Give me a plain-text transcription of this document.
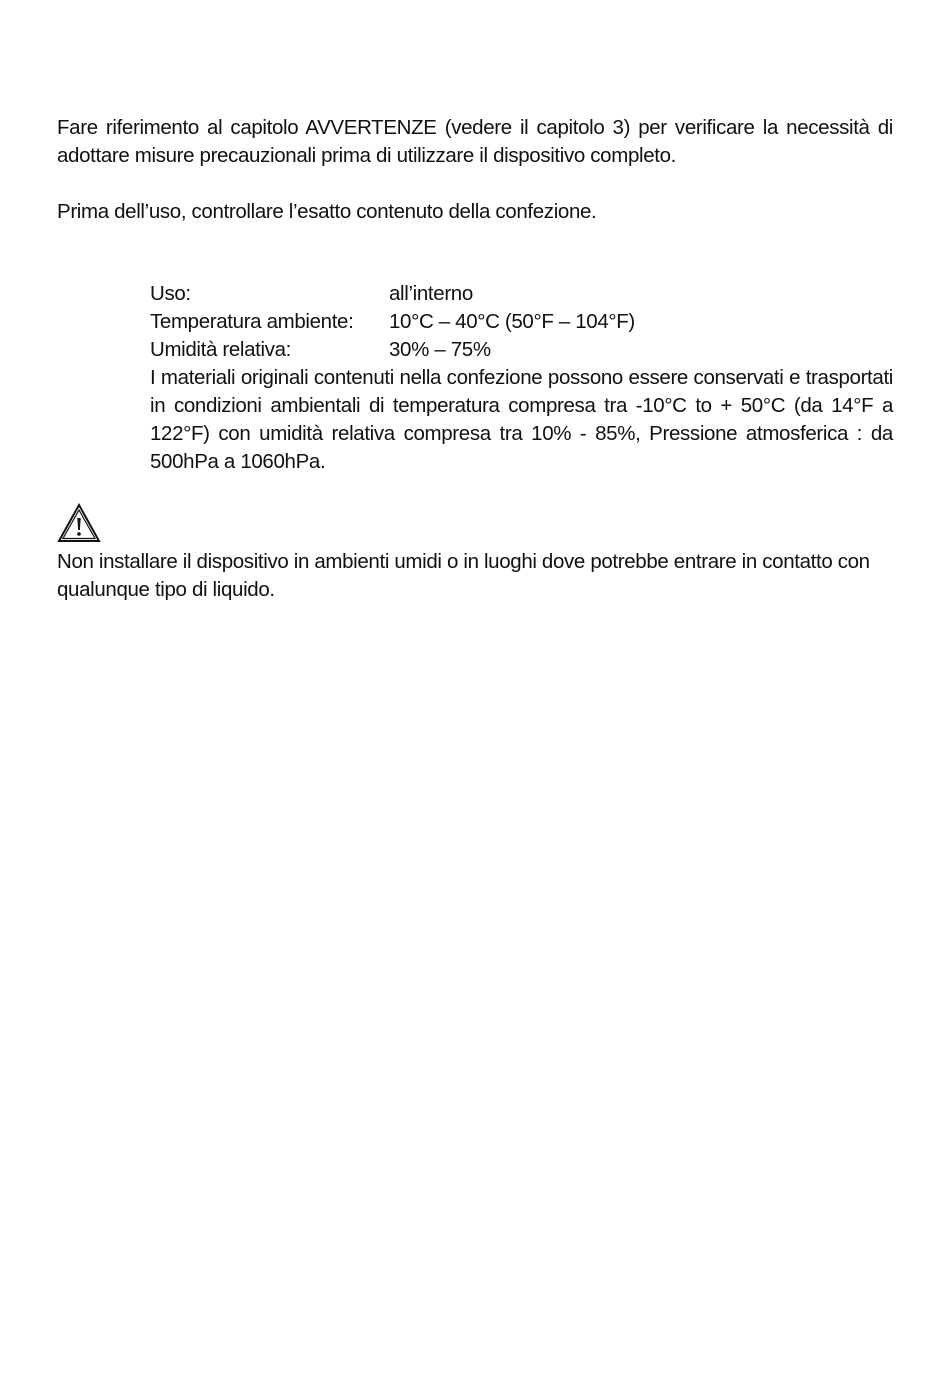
Fare riferimento al capitolo AVVERTENZE (vedere il capitolo 3) per verificare la necessità di adottare misure precauzionali prima di utilizzare il dispositivo completo.

Prima dell’uso, controllare l’esatto contenuto della confezione.

Uso:	all’interno
Temperatura ambiente:	10°C – 40°C (50°F – 104°F)
Umidità relativa:	30% – 75%

I materiali originali contenuti nella confezione possono essere conservati e trasportati in condizioni ambientali di temperatura compresa tra -10°C to + 50°C (da 14°F a 122°F) con umidità relativa compresa tra 10% - 85%, Pressione atmosferica : da 500hPa a 1060hPa.

Non installare il dispositivo in ambienti umidi o in luoghi dove potrebbe entrare in contatto con qualunque tipo di liquido.
